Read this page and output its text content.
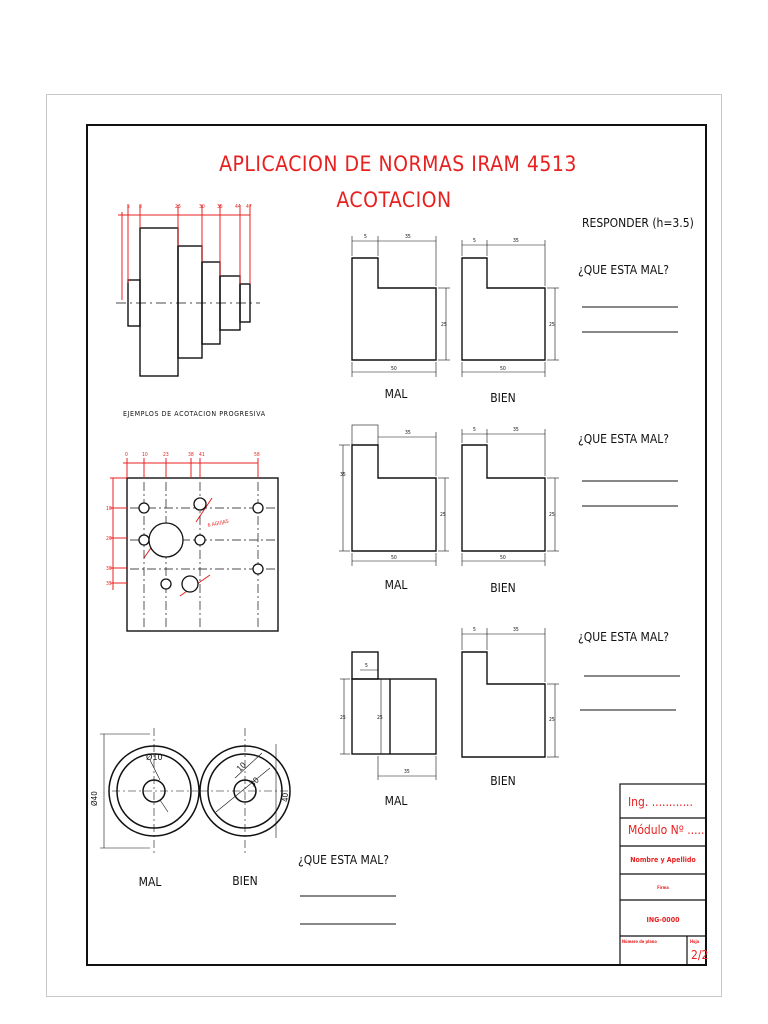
APLICACION DE NORMAS IRAM 4513
ACOTACION
5 8	23	30 35 44 47
EJEMPLOS DE ACOTACION PROGRESIVA
0	10	23	38 41	58
10
20
30
35
6 AGUJAS
RESPONDER (h=3.5)
¿QUE ESTA MAL?
5	35
25
50
MAL
5	35
25
50
BIEN
¿QUE ESTA MAL?
35
35
25
50
MAL
5	35
25
50
BIEN
¿QUE ESTA MAL?
5
25	25
35
MAL
5	35
25
BIEN
Ø10
Ø40
MAL
10
30
40
BIEN
¿QUE ESTA MAL?
Ing. ............
Módulo Nº .....
Nombre y Apellido
Firma
ING-0000
Número de plano	Hoja
2/2
